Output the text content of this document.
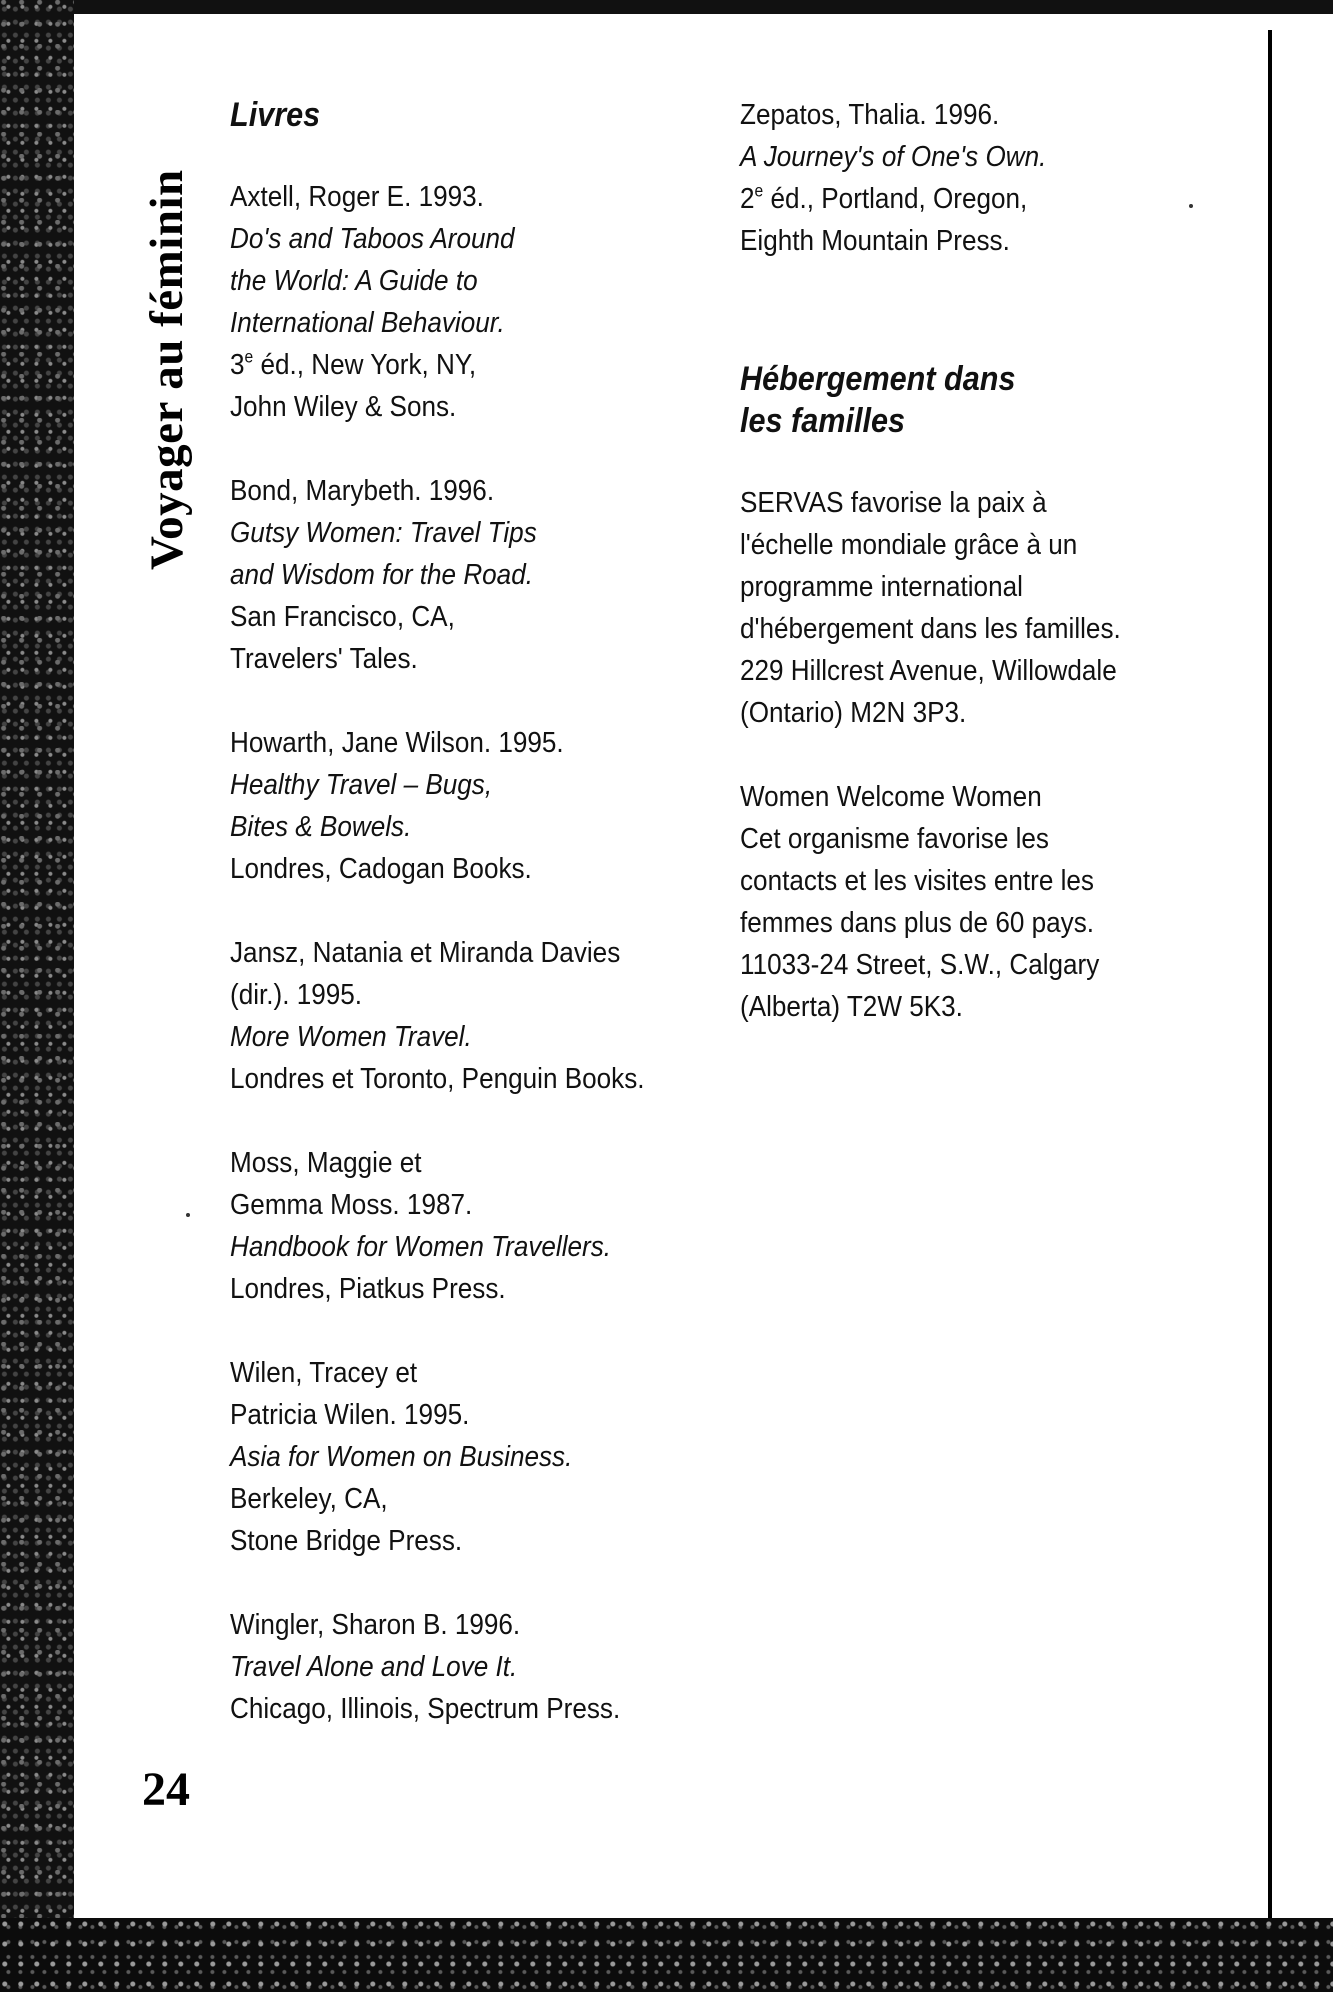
Voyager au féminin
24
Livres
Axtell, Roger E. 1993.
Do's and Taboos Around
the World: A Guide to
International Behaviour.
3e éd., New York, NY,
John Wiley & Sons.
Bond, Marybeth. 1996.
Gutsy Women: Travel Tips
and Wisdom for the Road.
San Francisco, CA,
Travelers' Tales.
Howarth, Jane Wilson. 1995.
Healthy Travel – Bugs,
Bites & Bowels.
Londres, Cadogan Books.
Jansz, Natania et Miranda Davies
(dir.). 1995.
More Women Travel.
Londres et Toronto, Penguin Books.
Moss, Maggie et
Gemma Moss. 1987.
Handbook for Women Travellers.
Londres, Piatkus Press.
Wilen, Tracey et
Patricia Wilen. 1995.
Asia for Women on Business.
Berkeley, CA,
Stone Bridge Press.
Wingler, Sharon B. 1996.
Travel Alone and Love It.
Chicago, Illinois, Spectrum Press.
Zepatos, Thalia. 1996.
A Journey's of One's Own.
2e éd., Portland, Oregon,
Eighth Mountain Press.
Hébergement dans
les familles
SERVAS favorise la paix à
l'échelle mondiale grâce à un
programme international
d'hébergement dans les familles.
229 Hillcrest Avenue, Willowdale
(Ontario) M2N 3P3.
Women Welcome Women
Cet organisme favorise les
contacts et les visites entre les
femmes dans plus de 60 pays.
11033-24 Street, S.W., Calgary
(Alberta) T2W 5K3.
